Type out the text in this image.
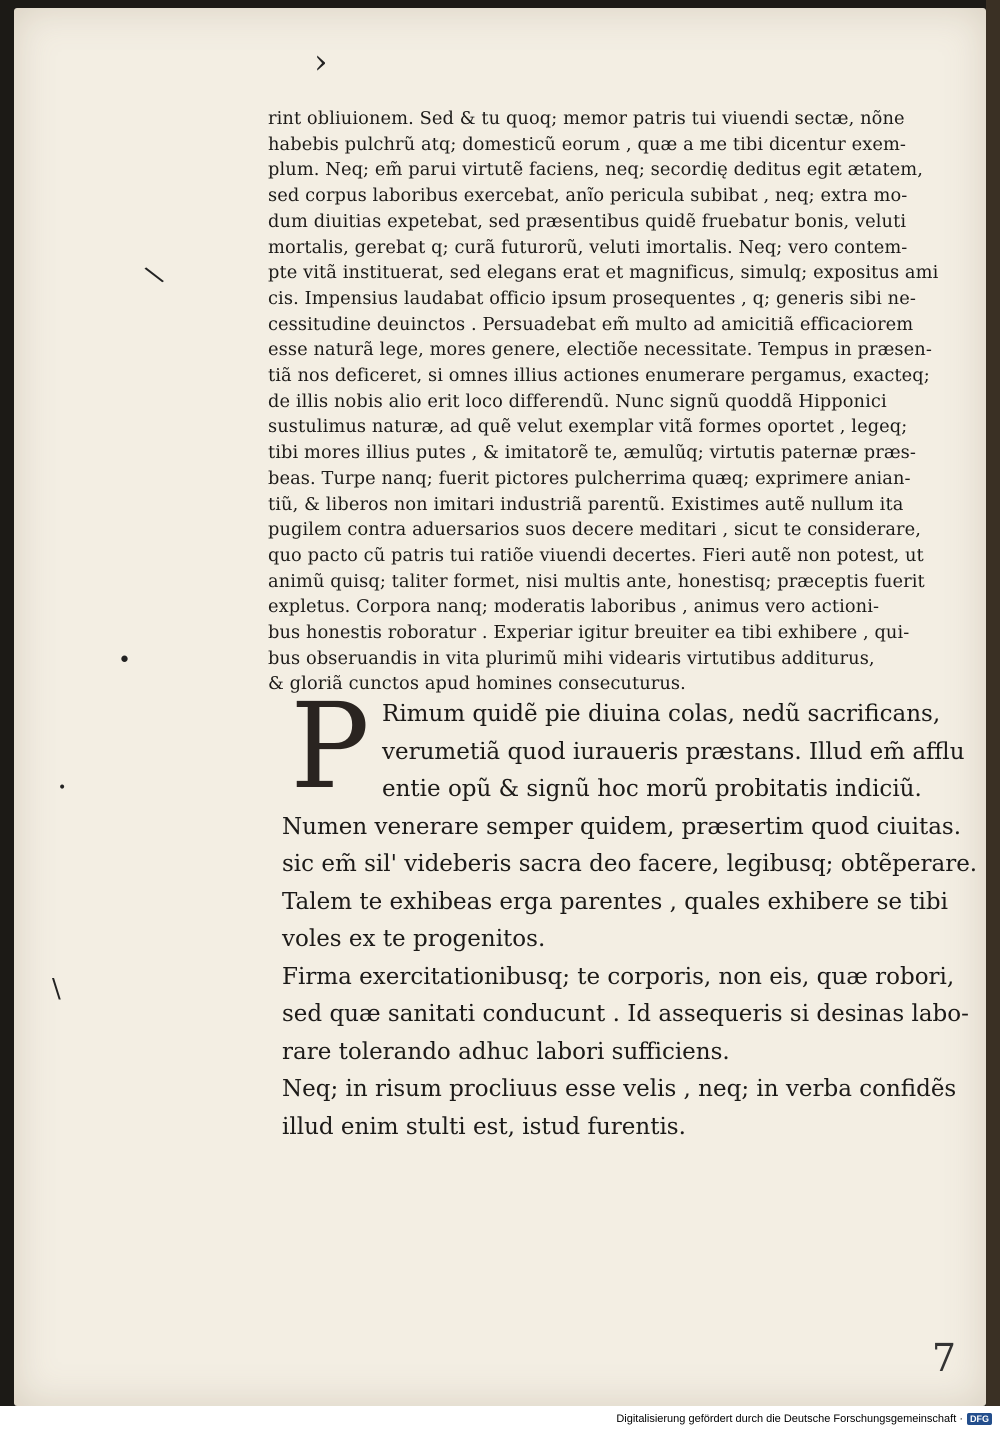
›
\
•
•
\
rint obliuionem. Sed & tu quoq; memor patris tui viuendi sectæ, nõne
habebis pulchrũ atq; domesticũ eorum , quæ a me tibi dicentur exem-
plum. Neq; em̃ parui virtutẽ faciens, neq; secordię deditus egit ætatem,
sed corpus laboribus exercebat, anĩo pericula subibat , neq; extra mo-
dum diuitias expetebat, sed præsentibus quidẽ fruebatur bonis, veluti
mortalis, gerebat q; curã futurorũ, veluti imortalis. Neq; vero contem-
pte vitã instituerat, sed elegans erat et magnificus, simulq; expositus ami
cis. Impensius laudabat officio ipsum prosequentes , q; generis sibi ne-
cessitudine deuinctos . Persuadebat em̃ multo ad amicitiã efficaciorem
esse naturã lege, mores genere, electiõe necessitate. Tempus in præsen-
tiã nos deficeret, si omnes illius actiones enumerare pergamus, exacteq;
de illis nobis alio erit loco differendũ. Nunc signũ quoddã Hipponici
sustulimus naturæ, ad quẽ velut exemplar vitã formes oportet , legeq;
tibi mores illius putes , & imitatorẽ te, æmulũq; virtutis paternæ præs-
beas. Turpe nanq; fuerit pictores pulcherrima quæq; exprimere anian-
tiũ, & liberos non imitari industriã parentũ. Existimes autẽ nullum ita
pugilem contra aduersarios suos decere meditari , sicut te considerare,
quo pacto cũ patris tui ratiõe viuendi decertes. Fieri autẽ non potest, ut
animũ quisq; taliter formet, nisi multis ante, honestisq; præceptis fuerit
expletus. Corpora nanq; moderatis laboribus , animus vero actioni-
bus honestis roboratur . Experiar igitur breuiter ea tibi exhibere , qui-
bus obseruandis in vita plurimũ mihi videaris virtutibus additurus,
& gloriã cunctos apud homines consecuturus.
P Rimum quidẽ pie diuina colas, nedũ sacrificans,
verumetiã quod iuraueris præstans. Illud em̃ afflu
entie opũ & signũ hoc morũ probitatis indiciũ.
Numen venerare semper quidem, præsertim quod ciuitas.
sic em̃ sil' videberis sacra deo facere, legibusq; obtẽperare.
Talem te exhibeas erga parentes , quales exhibere se tibi
voles ex te progenitos.
Firma exercitationibusq; te corporis, non eis, quæ robori,
sed quæ sanitati conducunt . Id assequeris si desinas labo-
rare tolerando adhuc labori sufficiens.
Neq; in risum procliuus esse velis , neq; in verba confidẽs
illud enim stulti est, istud furentis.
7
Digitalisierung gefördert durch die Deutsche Forschungsgemeinschaft · DFG
